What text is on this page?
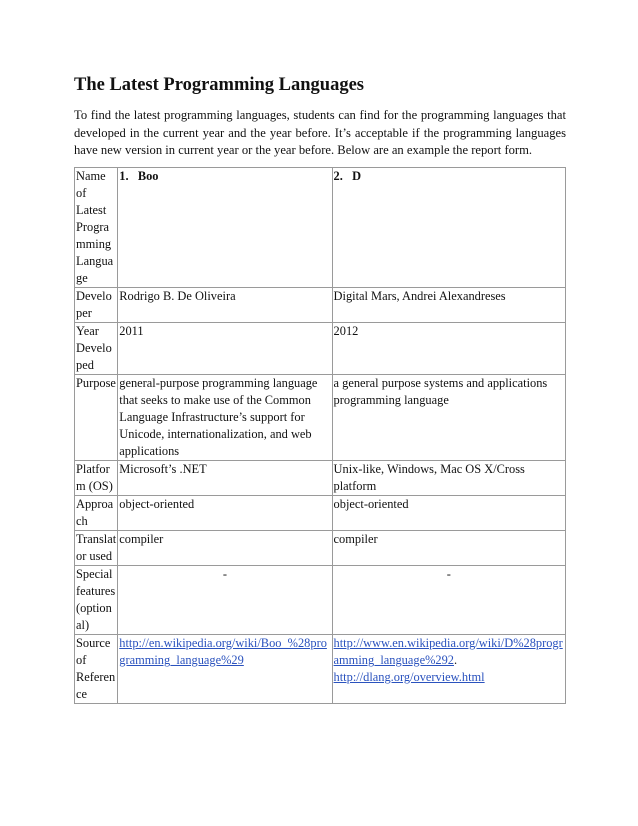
The Latest Programming Languages

To find the latest programming languages, students can find for the programming languages that developed in the current year and the year before. It’s acceptable if the programming languages have new version in current year or the year before. Below are an example the report form.

Name of Latest Programming Language	1. Boo	2. D
Developer	Rodrigo B. De Oliveira	Digital Mars, Andrei Alexandreses
Year Developed	2011	2012
Purpose	general-purpose programming language that seeks to make use of the Common Language Infrastructure’s support for Unicode, internationalization, and web applications	a general purpose systems and applications programming language
Platform (OS)	Microsoft’s .NET	Unix-like, Windows, Mac OS X/Cross platform
Approach	object-oriented	object-oriented
Translator used	compiler	compiler
Special features (optional)	-	-
Source of Reference	http://en.wikipedia.org/wiki/Boo_%28programming_language%29	http://www.en.wikipedia.org/wiki/D%28programming_language%292. http://dlang.org/overview.html
